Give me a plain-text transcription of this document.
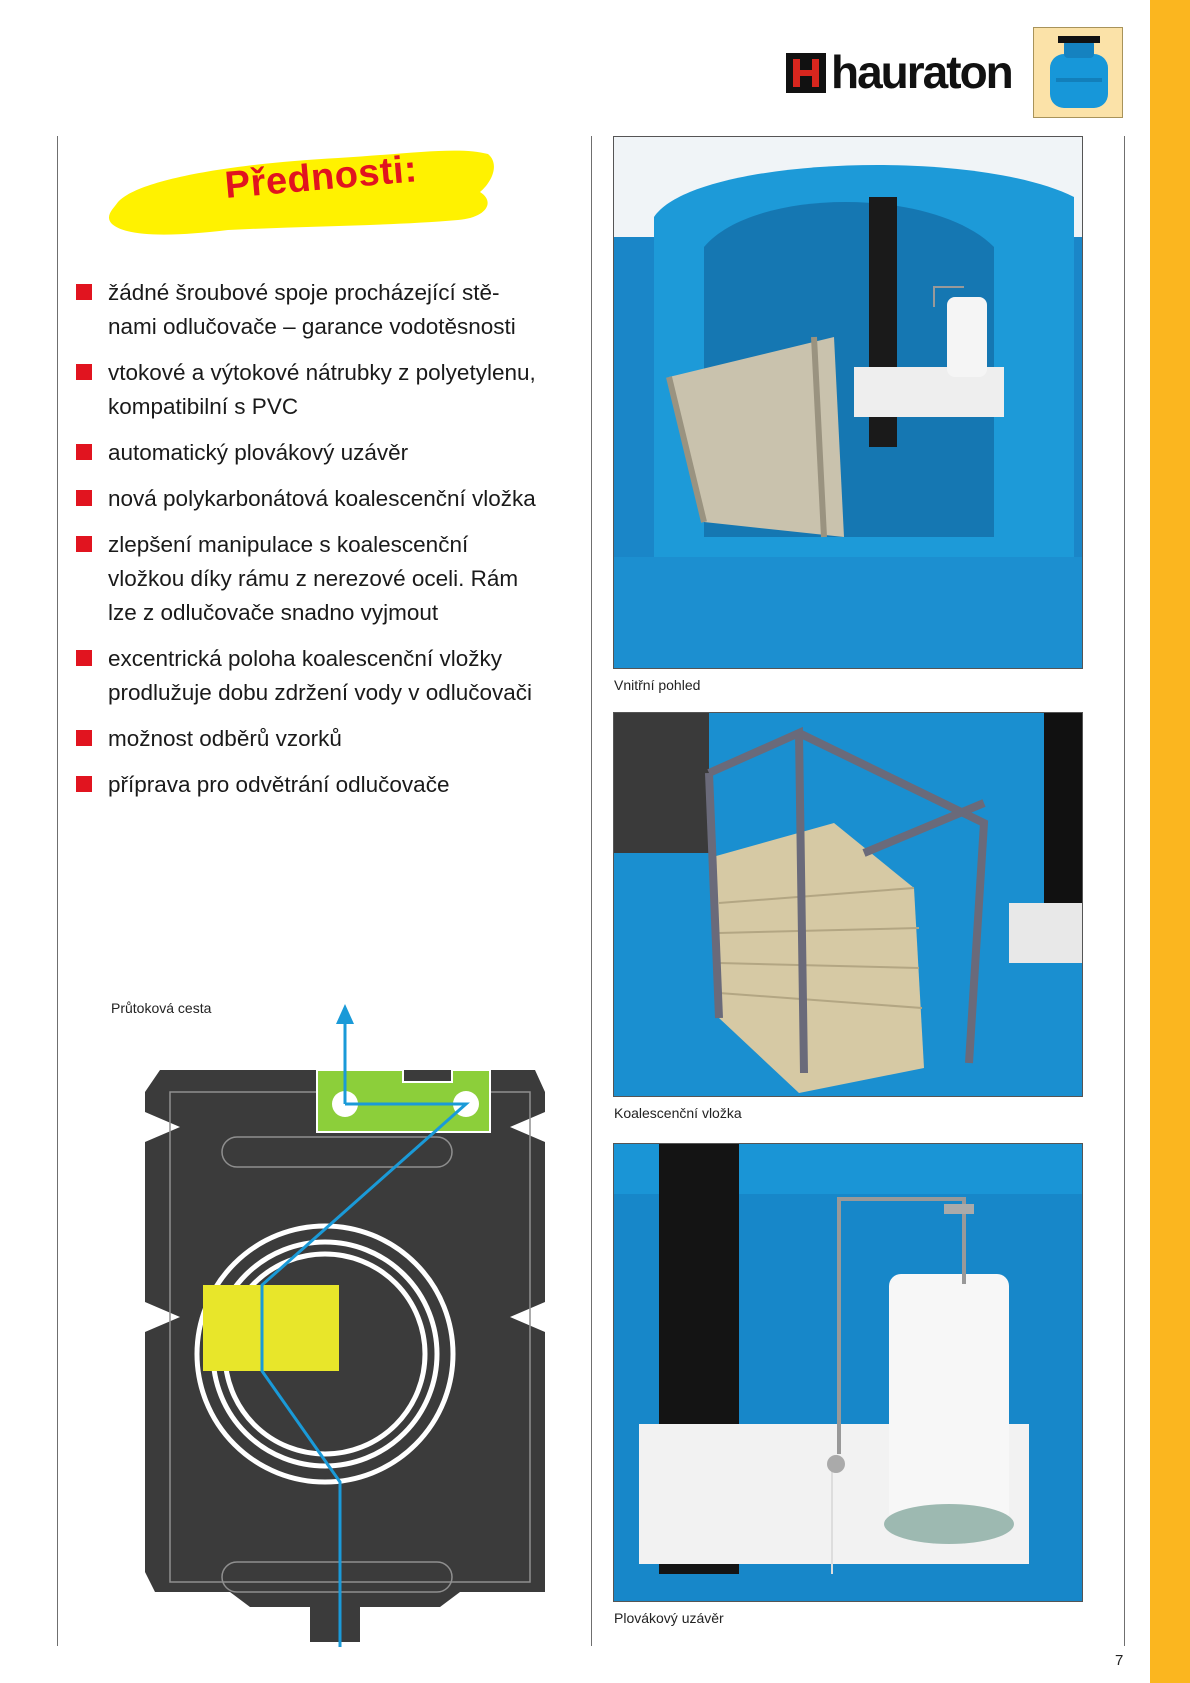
hauraton
Přednosti:
žádné šroubové spoje procházející stě-
nami odlučovače – garance vodotěsnosti
vtokové a výtokové nátrubky z polyetylenu,
kompatibilní s PVC
automatický plovákový uzávěr
nová polykarbonátová koalescenční vložka
zlepšení manipulace s koalescenční
vložkou díky rámu z nerezové oceli. Rám
lze z odlučovače snadno vyjmout
excentrická poloha koalescenční vložky
prodlužuje dobu zdržení vody v odlučovači
možnost odběrů vzorků
příprava pro odvětrání odlučovače
Průtoková cesta
Vnitřní pohled
Koalescenční vložka
Plovákový uzávěr
7
